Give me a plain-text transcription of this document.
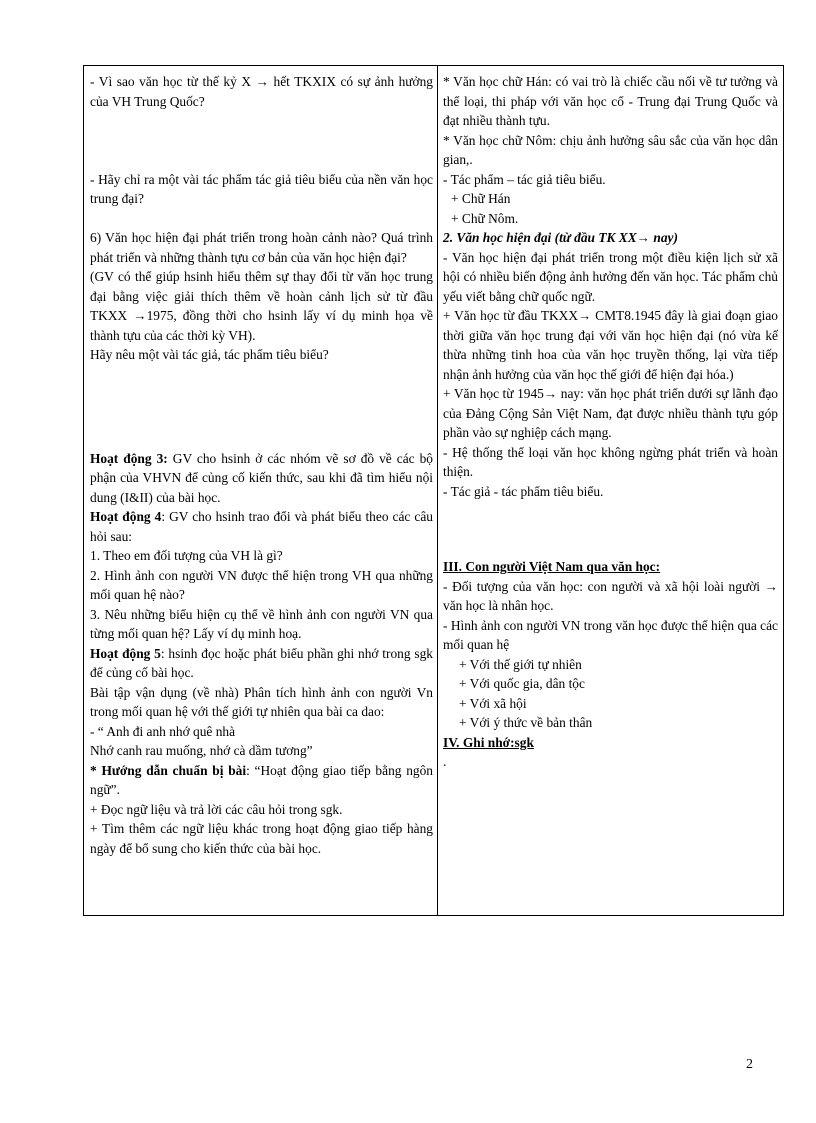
- Vì sao văn học từ thế kỷ X → hết TKXIX có sự ảnh hưởng của VH Trung Quốc?

- Hãy chỉ ra một vài tác phẩm tác giả tiêu biểu của nền văn học trung đại?

6) Văn học hiện đại phát triển trong hoàn cảnh nào? Quá trình phát triển và những thành tựu cơ bản của văn học hiện đại?

(GV có thể giúp hsinh hiểu thêm sự thay đổi từ văn học trung đại bằng việc giải thích thêm về hoàn cảnh lịch sử từ đầu TKXX →1975, đồng thời cho hsinh lấy ví dụ minh họa về thành tựu của các thời kỳ VH).

Hãy nêu một vài tác giả, tác phẩm tiêu biểu?

Hoạt động 3: GV cho hsinh ở các nhóm vẽ sơ đồ về các bộ phận của VHVN để củng cố kiến thức, sau khi đã tìm hiểu nội dung (I&II) của bài học.

Hoạt động 4: GV cho hsinh trao đổi và phát biểu theo các câu hỏi sau:

1. Theo em đối tượng của VH là gì?

2. Hình ảnh con người VN được thể hiện trong VH qua những mối quan hệ nào?

3. Nêu những biểu hiện cụ thể về hình ảnh con người VN qua từng mối quan hệ? Lấy ví dụ minh hoạ.

Hoạt động 5: hsinh đọc hoặc phát biểu phần ghi nhớ trong sgk để củng cố bài học.

Bài tập vận dụng (về nhà) Phân tích hình ảnh con người Vn trong mối quan hệ với thế giới tự nhiên qua bài ca dao:

- “ Anh đi anh nhớ quê nhà

Nhớ canh rau muống, nhớ cà dầm tương”

* Hướng dẫn chuẩn bị bài: “Hoạt động giao tiếp bằng ngôn ngữ”.

+ Đọc ngữ liệu và trả lời các câu hỏi trong sgk.

+ Tìm thêm các ngữ liệu khác trong hoạt động giao tiếp hàng ngày để bổ sung cho kiến thức của bài học.

* Văn học chữ Hán: có vai trò là chiếc cầu nối về tư tưởng và thể loại, thi pháp với văn học cổ - Trung đại Trung Quốc và đạt nhiều thành tựu.

* Văn học chữ Nôm: chịu ảnh hưởng sâu sắc của văn học dân gian,.

- Tác phẩm – tác giả tiêu biểu.

+ Chữ Hán

+ Chữ Nôm.

2. Văn học hiện đại (từ đầu TK XX→ nay)

- Văn học hiện đại phát triển trong một điều kiện lịch sử xã hội có nhiều biến động ảnh hưởng đến văn học. Tác phẩm chủ yếu viết bằng chữ quốc ngữ.

+ Văn học từ đầu TKXX→ CMT8.1945 đây là giai đoạn giao thời giữa văn học trung đại với văn học hiện đại (nó vừa kế thừa những tinh hoa của văn học truyền thống, lại vừa tiếp nhận ảnh hưởng của văn học thế giới để hiện đại hóa.)

+ Văn học từ 1945→ nay: văn học phát triển dưới sự lãnh đạo của Đảng Cộng Sản Việt Nam, đạt được nhiều thành tựu góp phần vào sự nghiệp cách mạng.

- Hệ thống thể loại văn học không ngừng phát triển và hoàn thiện.

- Tác giả - tác phẩm tiêu biểu.

III. Con người Việt Nam qua văn học:

- Đối tượng của văn học: con người và xã hội loài người → văn học là nhân học.

- Hình ảnh con người VN trong văn học được thể hiện qua các mối quan hệ

+ Với thế giới tự nhiên

+ Với quốc gia, dân tộc

+ Với xã hội

+ Với ý thức về bản thân

IV. Ghi nhớ:sgk

.

2
